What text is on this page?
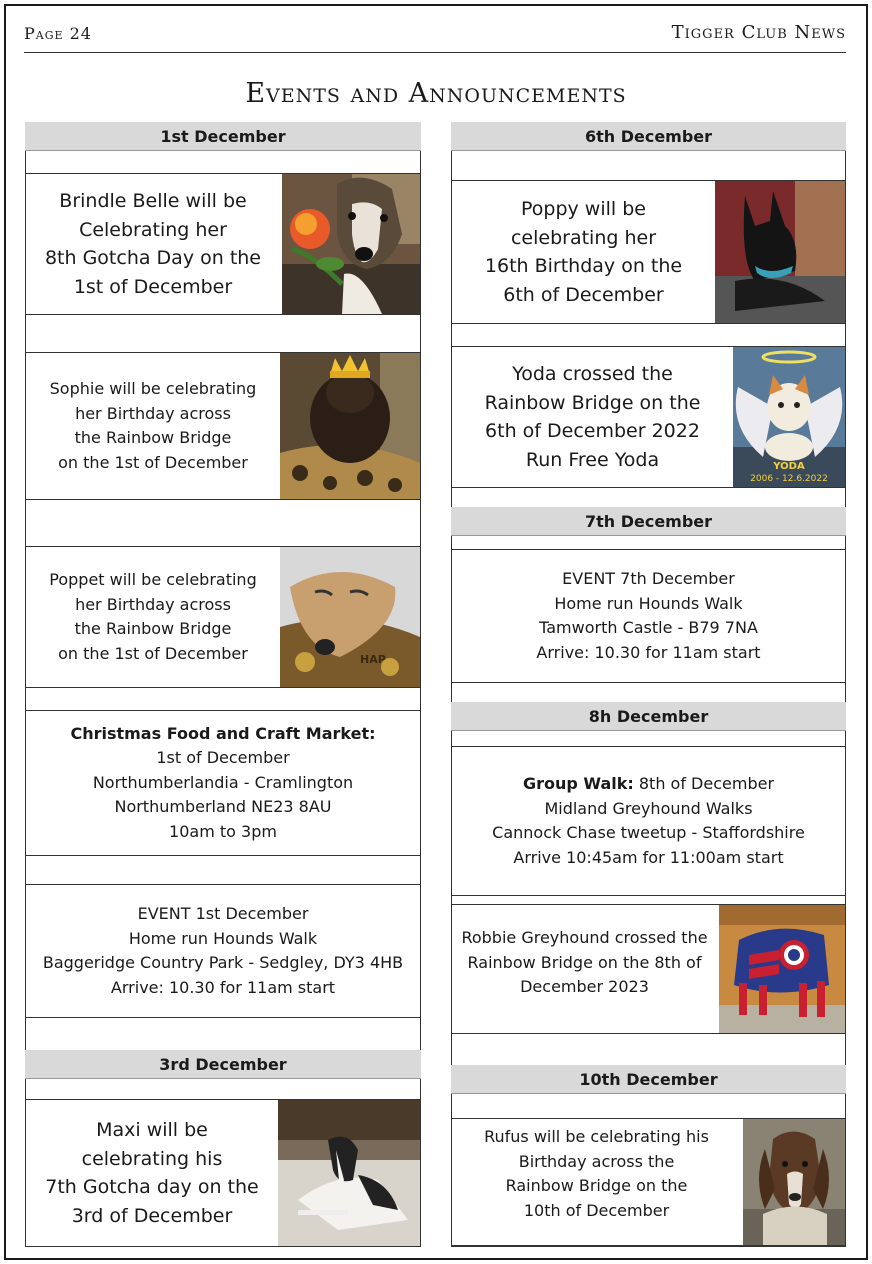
Page 24	Tigger Club News
Events and Announcements
1st December
Brindle Belle will be
Celebrating her
8th Gotcha Day on the
1st of December
Sophie will be celebrating
her Birthday across
the Rainbow Bridge
on the 1st of December
Poppet will be celebrating
her Birthday across
the Rainbow Bridge
on the 1st of December	HAP
Christmas Food and Craft Market:
1st of December
Northumberlandia - Cramlington
Northumberland NE23 8AU
10am to 3pm
EVENT 1st December
Home run Hounds Walk
Baggeridge Country Park - Sedgley, DY3 4HB
Arrive: 10.30 for 11am start
3rd December
Maxi will be
celebrating his
7th Gotcha day on the
3rd of December
6th December
Poppy will be
celebrating her
16th Birthday on the
6th of December
Yoda crossed the
Rainbow Bridge on the
6th of December 2022
Run Free Yoda	YODA
2006 - 12.6.2022
7th December
EVENT 7th December
Home run Hounds Walk
Tamworth Castle - B79 7NA
Arrive: 10.30 for 11am start
8h December
Group Walk: 8th of December
Midland Greyhound Walks
Cannock Chase tweetup - Staffordshire
Arrive 10:45am for 11:00am start
Robbie Greyhound crossed the
Rainbow Bridge on the 8th of
December 2023
10th December
Rufus will be celebrating his
Birthday across the
Rainbow Bridge on the
10th of December
